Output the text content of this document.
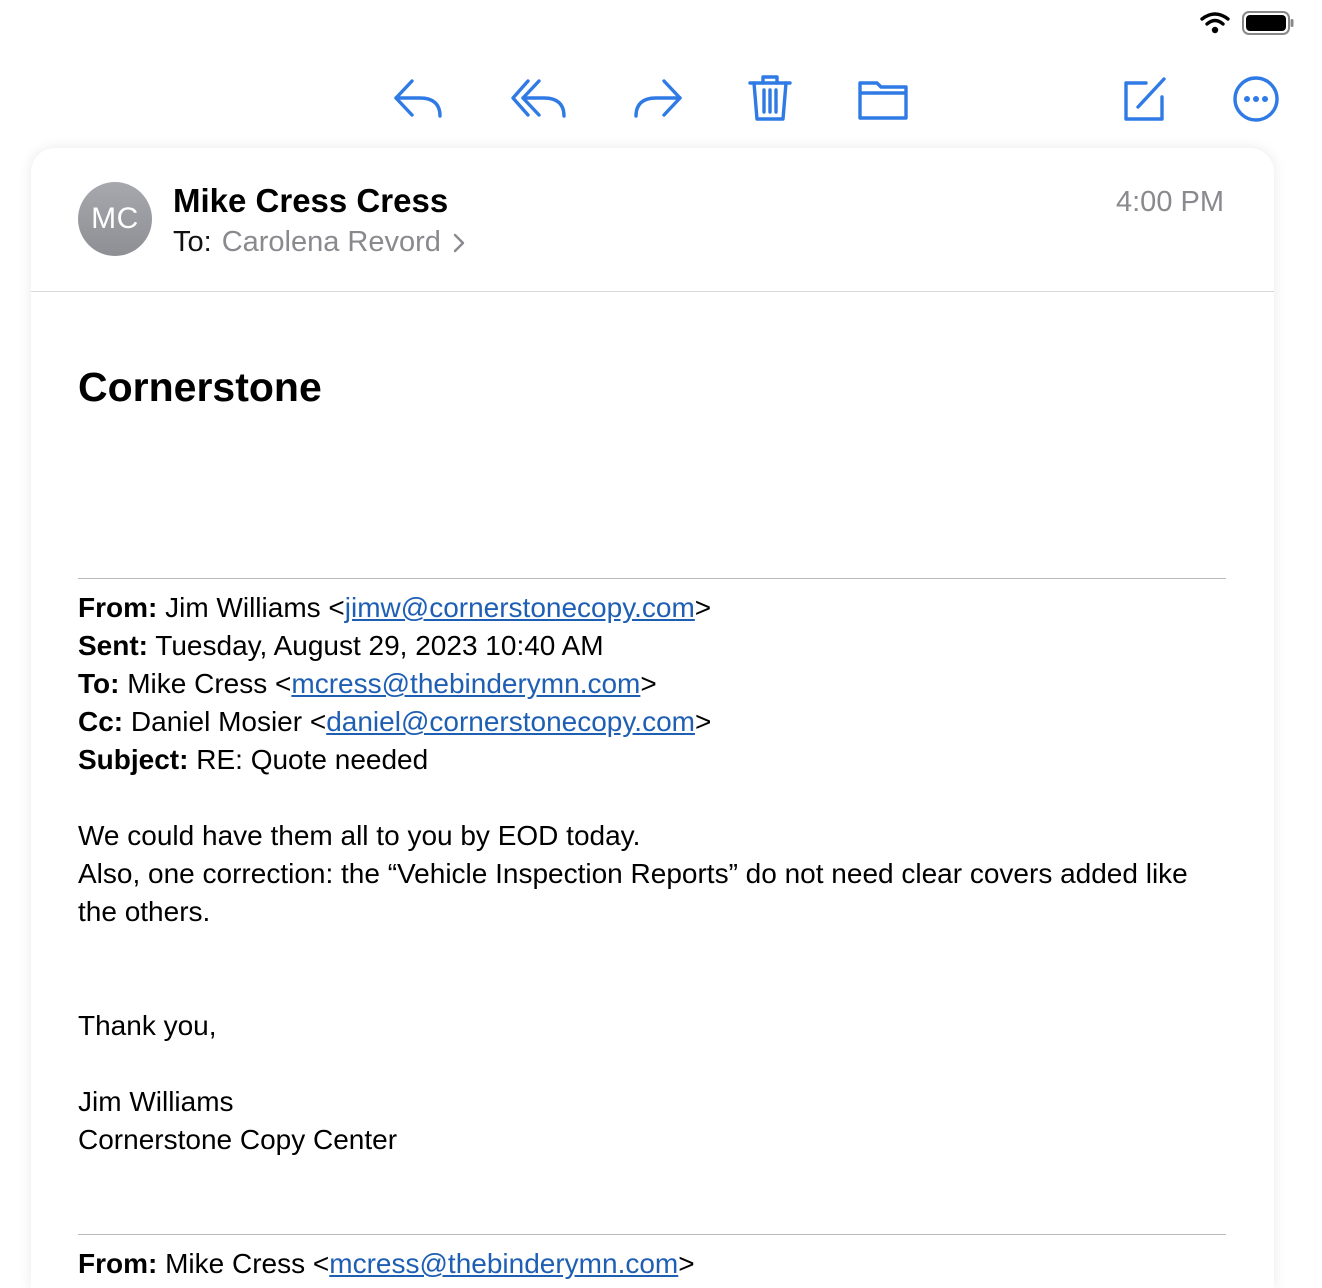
MC Mike Cress Cress
To: Carolena Revord
4:00 PM
Cornerstone
From: Jim Williams <jimw@cornerstonecopy.com>
Sent: Tuesday, August 29, 2023 10:40 AM
To: Mike Cress <mcress@thebinderymn.com>
Cc: Daniel Mosier <daniel@cornerstonecopy.com>
Subject: RE: Quote needed
We could have them all to you by EOD today.
Also, one correction: the “Vehicle Inspection Reports” do not need clear covers added like the others.
Thank you,
Jim Williams
Cornerstone Copy Center
From: Mike Cress <mcress@thebinderymn.com>
